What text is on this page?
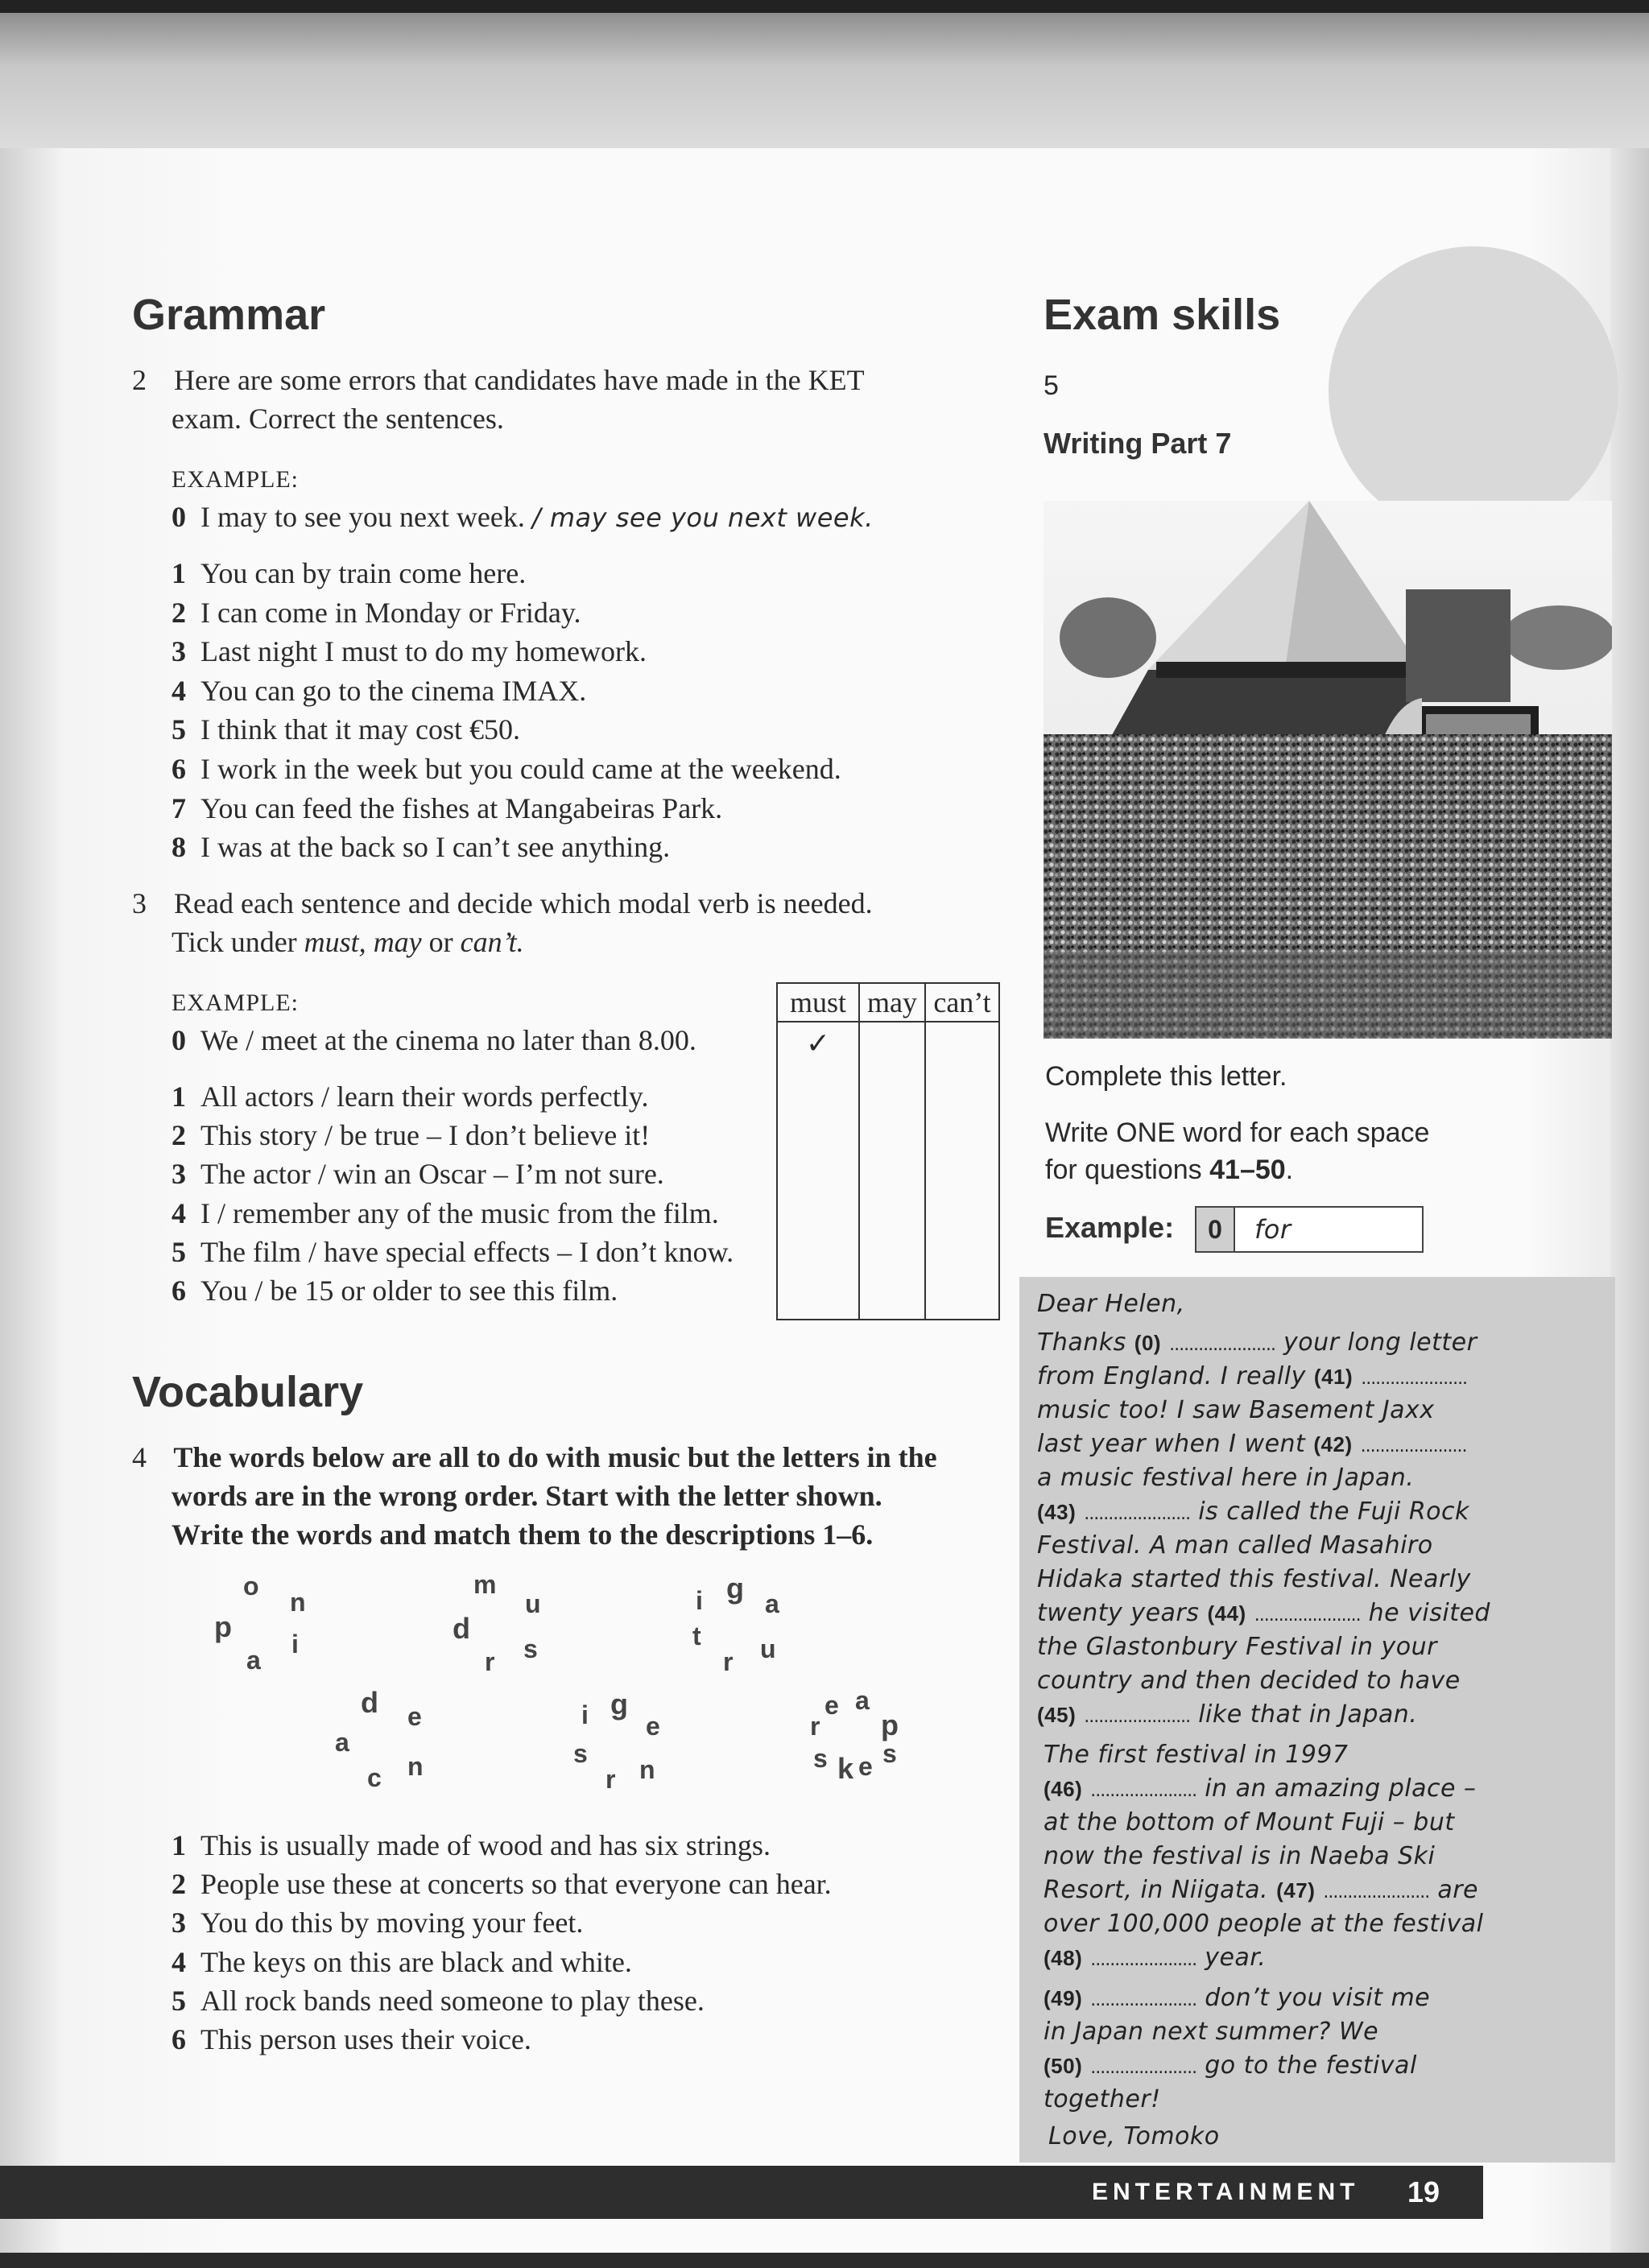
Grammar
2 Here are some errors that candidates have made in the KET
exam. Correct the sentences.
EXAMPLE:
0 I may to see you next week. / may see you next week.
1 You can by train come here.
2 I can come in Monday or Friday.
3 Last night I must to do my homework.
4 You can go to the cinema IMAX.
5 I think that it may cost €50.
6 I work in the week but you could came at the weekend.
7 You can feed the fishes at Mangabeiras Park.
8 I was at the back so I can’t see anything.
3 Read each sentence and decide which modal verb is needed.
Tick under must, may or can’t.
EXAMPLE:
0 We / meet at the cinema no later than 8.00.
1 All actors / learn their words perfectly.
2 This story / be true – I don’t believe it!
3 The actor / win an Oscar – I’m not sure.
4 I / remember any of the music from the film.
5 The film / have special effects – I don’t know.
6 You / be 15 or older to see this film.
must	may	can’t
✓		

Vocabulary
4 The words below are all to do with music but the letters in the
words are in the wrong order. Start with the letter shown.
Write the words and match them to the descriptions 1–6.
o
n
p
i
a
m
u
d
s
r
i g a
t u
r
d e
a
c n
i g
e
s
r n
e a
r p
s k e s
1 This is usually made of wood and has six strings.
2 People use these at concerts so that everyone can hear.
3 You do this by moving your feet.
4 The keys on this are black and white.
5 All rock bands need someone to play these.
6 This person uses their voice.
Exam skills
5
Writing Part 7
Complete this letter.
Write ONE word for each space
for questions 41–50.
Example:	0	for
Dear Helen,
Thanks (0) ...................... your long letter
from England. I really (41) ......................
music too! I saw Basement Jaxx
last year when I went (42) ......................
a music festival here in Japan.
(43) ...................... is called the Fuji Rock
Festival. A man called Masahiro
Hidaka started this festival. Nearly
twenty years (44) ...................... he visited
the Glastonbury Festival in your
country and then decided to have
(45) ...................... like that in Japan.
The first festival in 1997
(46) ...................... in an amazing place –
at the bottom of Mount Fuji – but
now the festival is in Naeba Ski
Resort, in Niigata. (47) ...................... are
over 100,000 people at the festival
(48) ...................... year.
(49) ...................... don’t you visit me
in Japan next summer? We
(50) ...................... go to the festival
together!
Love, Tomoko
ENTERTAINMENT 19
